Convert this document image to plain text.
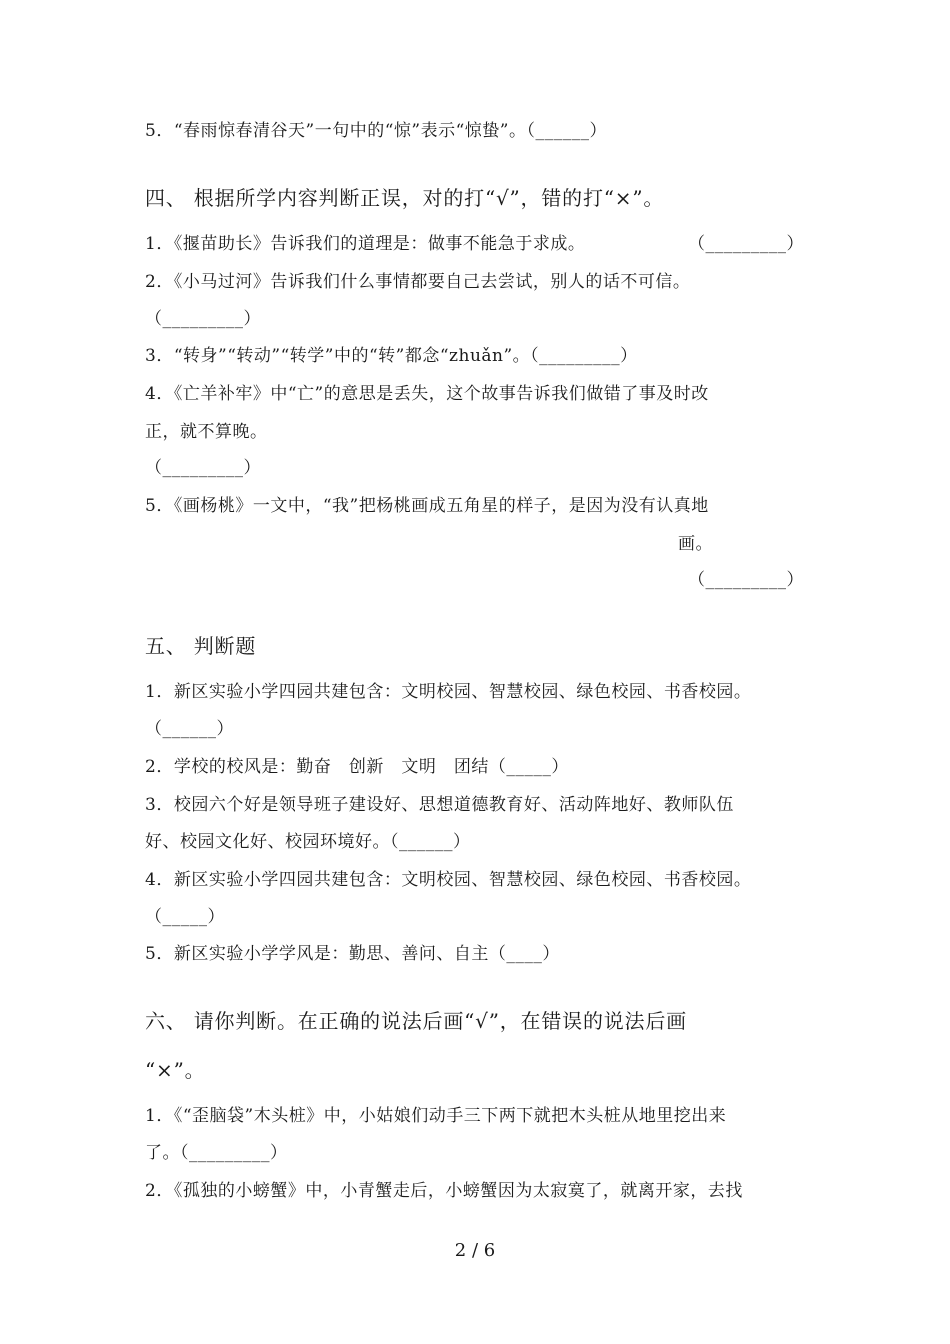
5．“春雨惊春清谷天”一句中的“惊”表示“惊蛰”。（______）
四、 根据所学内容判断正误，对的打“√”，错的打“×”。
1．《揠苗助长》告诉我们的道理是：做事不能急于求成。	（_________）
2．《小马过河》告诉我们什么事情都要自己去尝试，别人的话不可信。
（_________）
3．“转身”“转动”“转学”中的“转”都念“zhuǎn”。（_________）
4．《亡羊补牢》中“亡”的意思是丢失，这个故事告诉我们做错了事及时改
正，就不算晚。
（_________）
5．《画杨桃》一文中，“我”把杨桃画成五角星的样子，是因为没有认真地
画。
（_________）
五、 判断题
1．新区实验小学四园共建包含：文明校园、智慧校园、绿色校园、书香校园。
（______）
2．学校的校风是：勤奋　创新　文明　团结（_____）
3．校园六个好是领导班子建设好、思想道德教育好、活动阵地好、教师队伍
好、校园文化好、校园环境好。（______）
4．新区实验小学四园共建包含：文明校园、智慧校园、绿色校园、书香校园。
（_____）
5．新区实验小学学风是：勤思、善问、自主（____）
六、 请你判断。在正确的说法后画“√”，在错误的说法后画
“×”。
1．《“歪脑袋”木头桩》中，小姑娘们动手三下两下就把木头桩从地里挖出来
了。（_________）
2．《孤独的小螃蟹》中，小青蟹走后，小螃蟹因为太寂寞了，就离开家，去找
2 / 6
